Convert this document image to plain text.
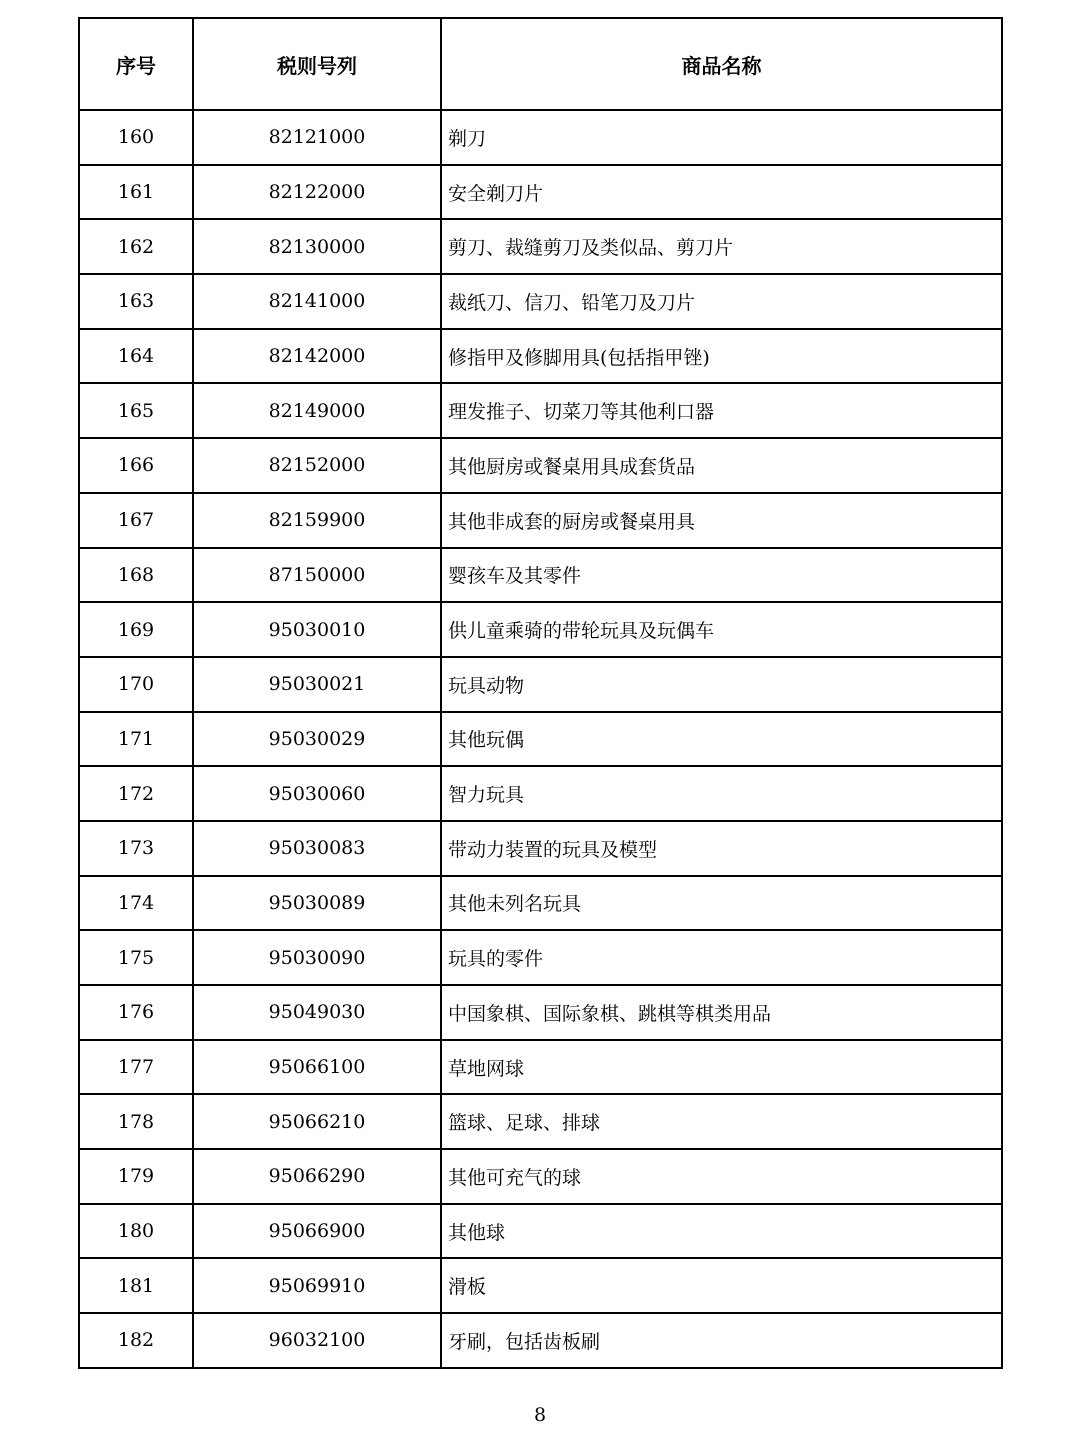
序号	税则号列	商品名称
160	82121000	剃刀
161	82122000	安全剃刀片
162	82130000	剪刀、裁缝剪刀及类似品、剪刀片
163	82141000	裁纸刀、信刀、铅笔刀及刀片
164	82142000	修指甲及修脚用具(包括指甲锉)
165	82149000	理发推子、切菜刀等其他利口器
166	82152000	其他厨房或餐桌用具成套货品
167	82159900	其他非成套的厨房或餐桌用具
168	87150000	婴孩车及其零件
169	95030010	供儿童乘骑的带轮玩具及玩偶车
170	95030021	玩具动物
171	95030029	其他玩偶
172	95030060	智力玩具
173	95030083	带动力装置的玩具及模型
174	95030089	其他未列名玩具
175	95030090	玩具的零件
176	95049030	中国象棋、国际象棋、跳棋等棋类用品
177	95066100	草地网球
178	95066210	篮球、足球、排球
179	95066290	其他可充气的球
180	95066900	其他球
181	95069910	滑板
182	96032100	牙刷，包括齿板刷
8
